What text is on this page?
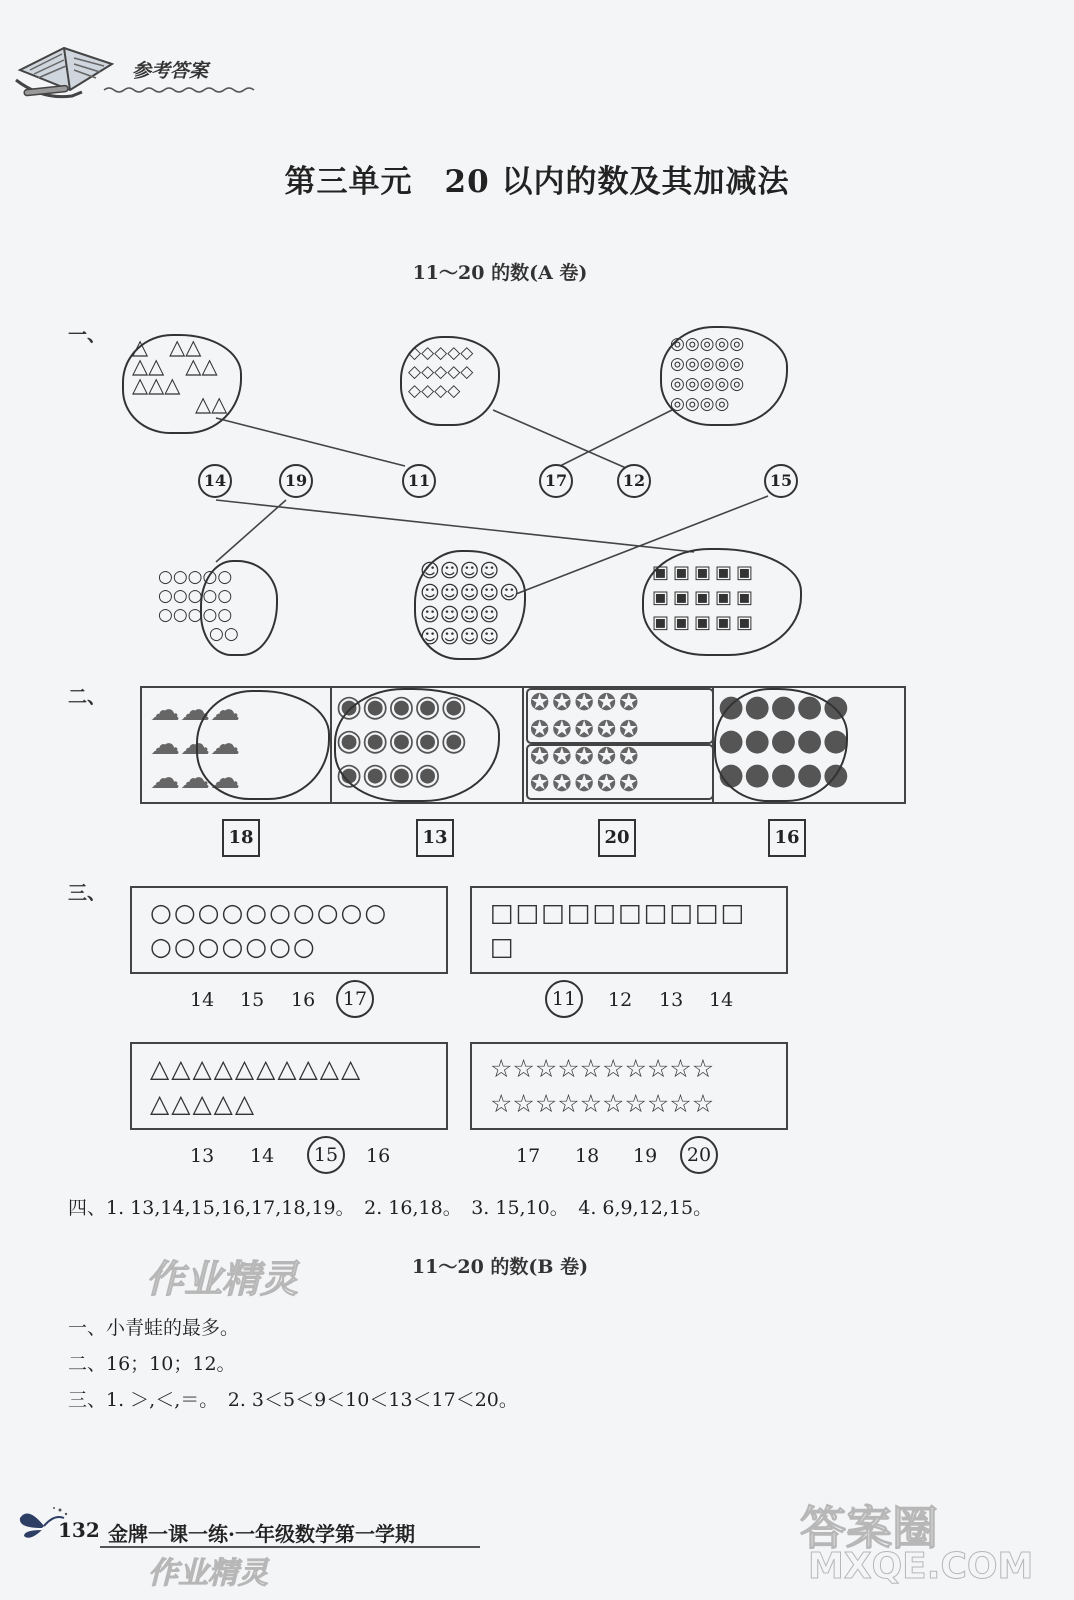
参考答案
第三单元　20 以内的数及其加减法
11～20 的数(A 卷)
一、 △　△△
△△　△△
△△△
　　　△△
◇◇◇◇◇
◇◇◇◇◇
◇◇◇◇
◎◎◎◎◎
◎◎◎◎◎
◎◎◎◎◎
◎◎◎◎
14	19	11	17	12	15
○○○○○
○○○○○
○○○○○
　　　○○
☺☺☺☺
☺☺☺☺☺
☺☺☺☺
☺☺☺☺
▣▣▣▣▣
▣▣▣▣▣
▣▣▣▣▣
二、 ☁☁☁
☁☁☁
☁☁☁
◉◉◉◉◉
◉◉◉◉◉
◉◉◉◉
✪✪✪✪✪
✪✪✪✪✪
✪✪✪✪✪
✪✪✪✪✪
●●●●●
●●●●●
●●●●●
18	13	20	16
三、
○○○○○○○○○○
○○○○○○○
14 15 16	17
□□□□□□□□□□
□
11	12 13 14
△△△△△△△△△△
△△△△△
13 14	15	16
☆☆☆☆☆☆☆☆☆☆
☆☆☆☆☆☆☆☆☆☆
17 18 19	20
四、1. 13,14,15,16,17,18,19。　2. 16,18。　3. 15,10。　4. 6,9,12,15。
作业精灵	11～20 的数(B 卷)
一、小青蛙的最多。
二、16；10；12。
三、1. ＞,＜,＝。　2. 3＜5＜9＜10＜13＜17＜20。
132 金牌一课一练·一年级数学第一学期
作业精灵
答案圈
MXQE.COM
